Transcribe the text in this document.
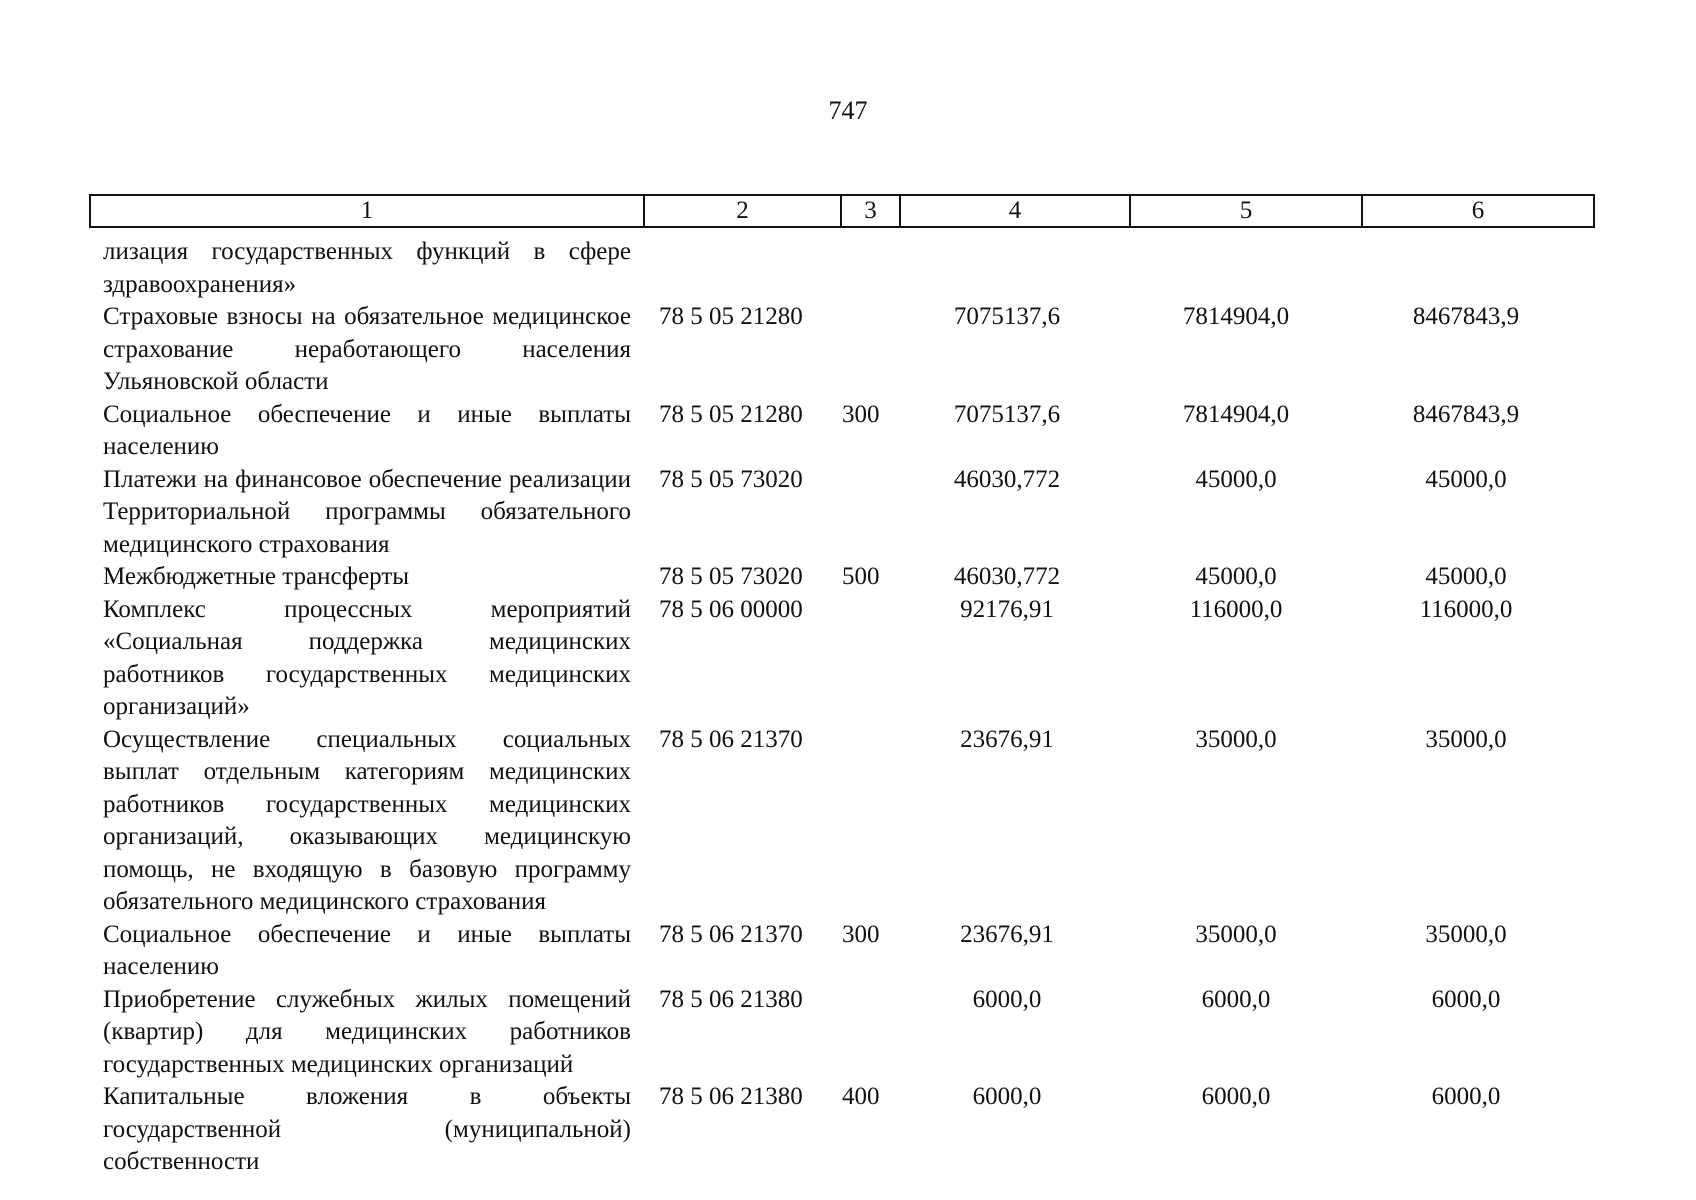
747
1	2	3	4	5	6
лизация государственных функций в сфере здравоохранения»					
Страховые взносы на обязательное медицинское страхование неработающего населения Ульяновской области	78 5 05 21280		7075137,6	7814904,0	8467843,9
Социальное обеспечение и иные выплаты населению	78 5 05 21280	300	7075137,6	7814904,0	8467843,9
Платежи на финансовое обеспечение реализации Территориальной программы обязательного медицинского страхования	78 5 05 73020		46030,772	45000,0	45000,0
Межбюджетные трансферты	78 5 05 73020	500	46030,772	45000,0	45000,0
Комплекс процессных мероприятий «Социальная поддержка медицинских работников государственных медицинских организаций»	78 5 06 00000		92176,91	116000,0	116000,0
Осуществление специальных социальных выплат отдельным категориям медицинских работников государственных медицинских организаций, оказывающих медицинскую помощь, не входящую в базовую программу обязательного медицинского страхования	78 5 06 21370		23676,91	35000,0	35000,0
Социальное обеспечение и иные выплаты населению	78 5 06 21370	300	23676,91	35000,0	35000,0
Приобретение служебных жилых помещений (квартир) для медицинских работников государственных медицинских организаций	78 5 06 21380		6000,0	6000,0	6000,0
Капитальные вложения в объекты государственной (муниципальной) собственности	78 5 06 21380	400	6000,0	6000,0	6000,0
